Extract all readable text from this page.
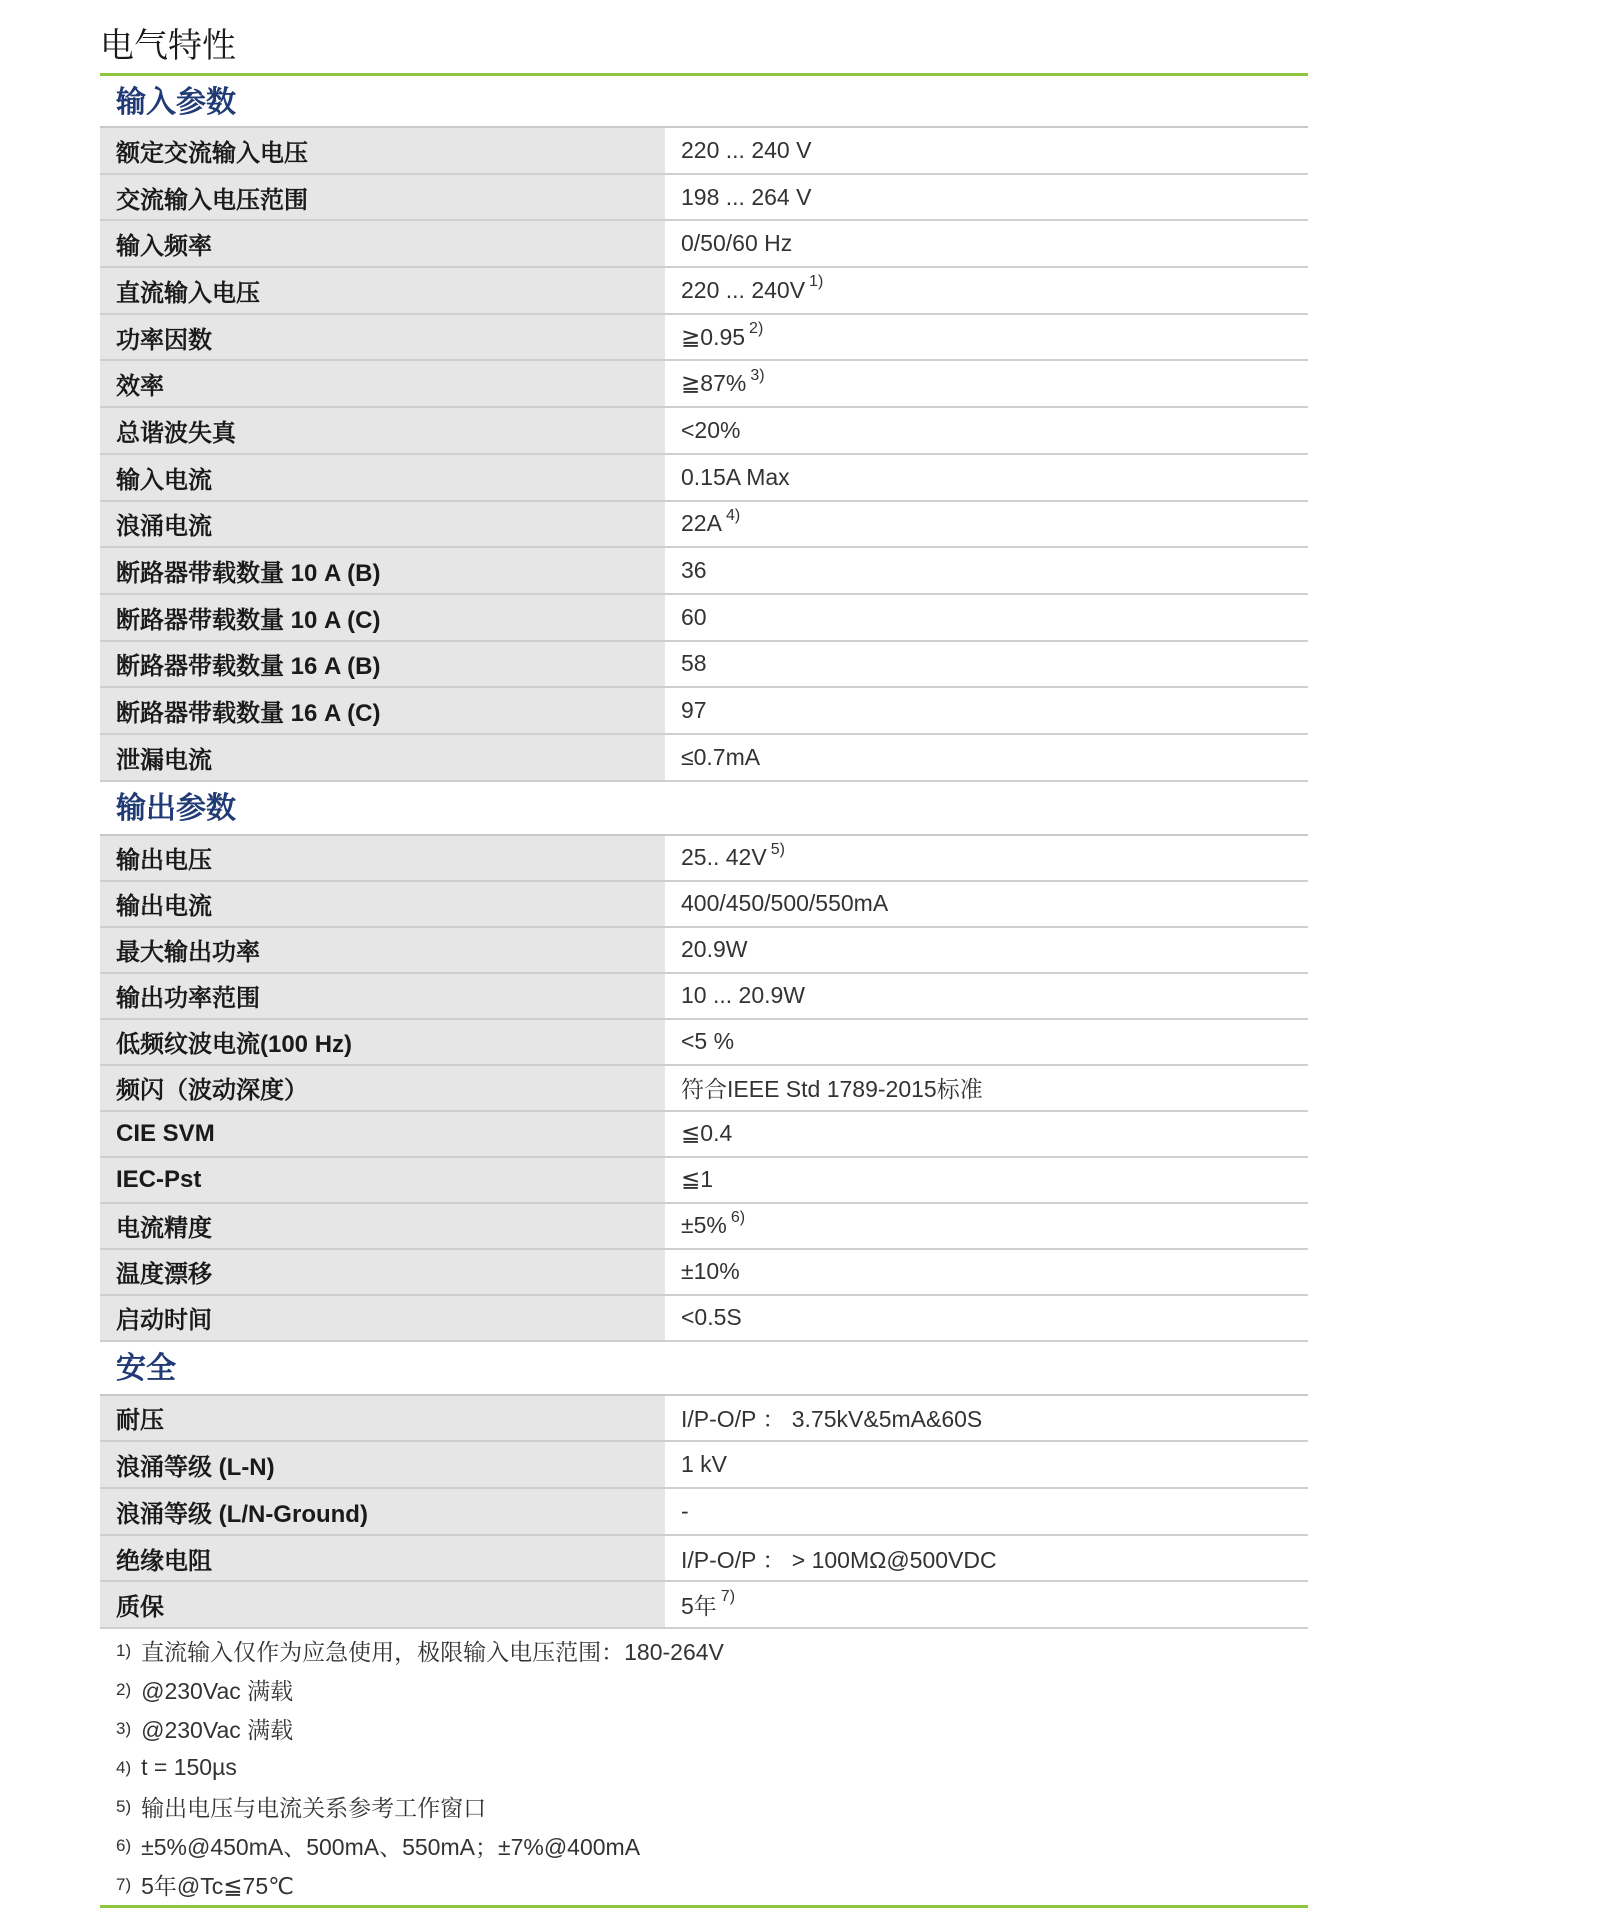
电气特性
输入参数
额定交流输入电压	220 ... 240 V
交流输入电压范围	198 ... 264 V
输入频率	0/50/60 Hz
直流输入电压	220 ... 240V $^{1)}$
功率因数	≧0.95 $^{2)}$
效率	≧87% $^{3)}$
总谐波失真	<20%
输入电流	0.15A Max
浪涌电流	22A $^{4)}$
断路器带载数量 10 A (B)	36
断路器带载数量 10 A (C)	60
断路器带载数量 16 A (B)	58
断路器带载数量 16 A (C)	97
泄漏电流	≤0.7mA
输出参数
输出电压	25.. 42V $^{5)}$
输出电流	400/450/500/550mA
最大输出功率	20.9W
输出功率范围	10 ... 20.9W
低频纹波电流(100 Hz)	<5 %
频闪（波动深度）	符合IEEE Std 1789-2015标准
CIE SVM	≦0.4
IEC-Pst	≦1
电流精度	±5% $^{6)}$
温度漂移	±10%
启动时间	<0.5S
安全
耐压	I/P-O/P ： 3.75kV&5mA&60S
浪涌等级 (L-N)	1 kV
浪涌等级 (L/N-Ground)	-
绝缘电阻	I/P-O/P ： > 100MΩ@500VDC
质保	5年 $^{7)}$
1) 直流输入仅作为应急使用，极限输入电压范围：180-264V
2) @230Vac 满载
3) @230Vac 满载
4) t = 150µs
5) 输出电压与电流关系参考工作窗口
6) ±5%@450mA、500mA、550mA；±7%@400mA
7) 5年@Tc≦75℃
